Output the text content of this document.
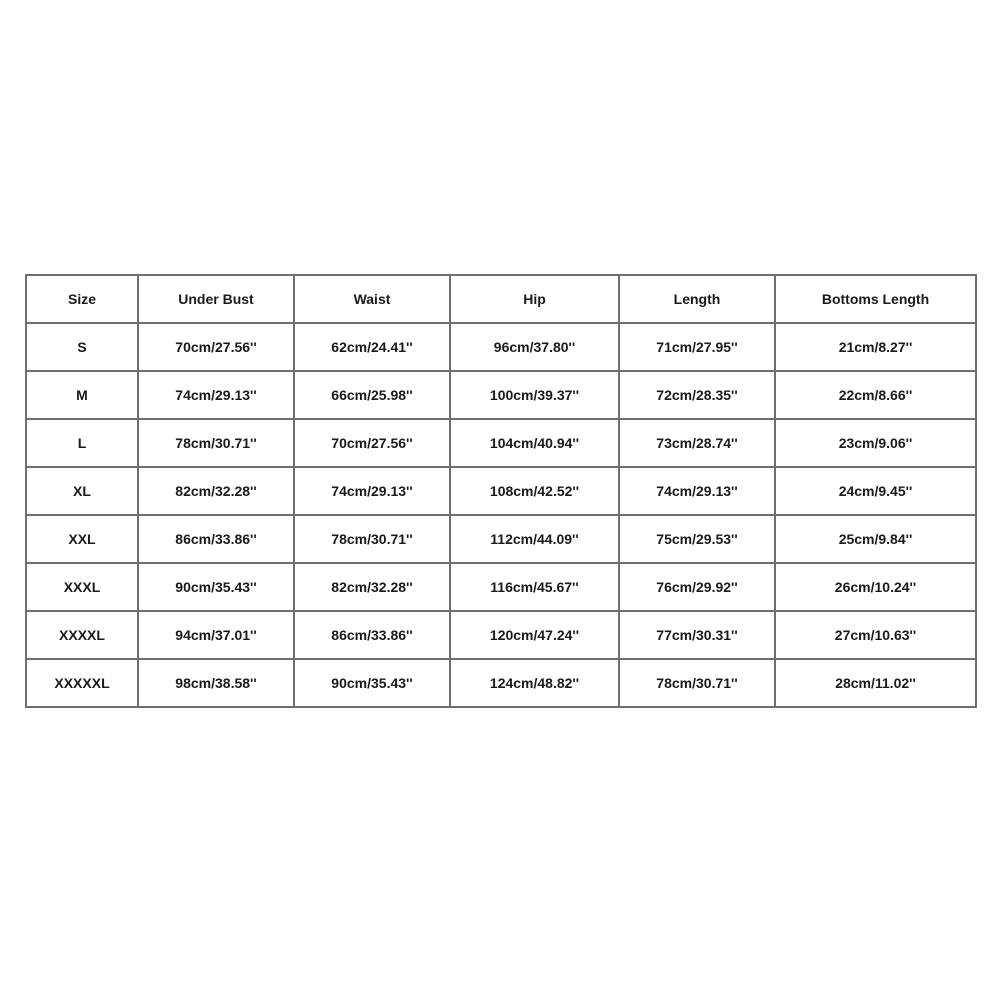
Size	Under Bust	Waist	Hip	Length	Bottoms Length
S	70cm/27.56''	62cm/24.41''	96cm/37.80''	71cm/27.95''	21cm/8.27''
M	74cm/29.13''	66cm/25.98''	100cm/39.37''	72cm/28.35''	22cm/8.66''
L	78cm/30.71''	70cm/27.56''	104cm/40.94''	73cm/28.74''	23cm/9.06''
XL	82cm/32.28''	74cm/29.13''	108cm/42.52''	74cm/29.13''	24cm/9.45''
XXL	86cm/33.86''	78cm/30.71''	112cm/44.09''	75cm/29.53''	25cm/9.84''
XXXL	90cm/35.43''	82cm/32.28''	116cm/45.67''	76cm/29.92''	26cm/10.24''
XXXXL	94cm/37.01''	86cm/33.86''	120cm/47.24''	77cm/30.31''	27cm/10.63''
XXXXXL	98cm/38.58''	90cm/35.43''	124cm/48.82''	78cm/30.71''	28cm/11.02''
